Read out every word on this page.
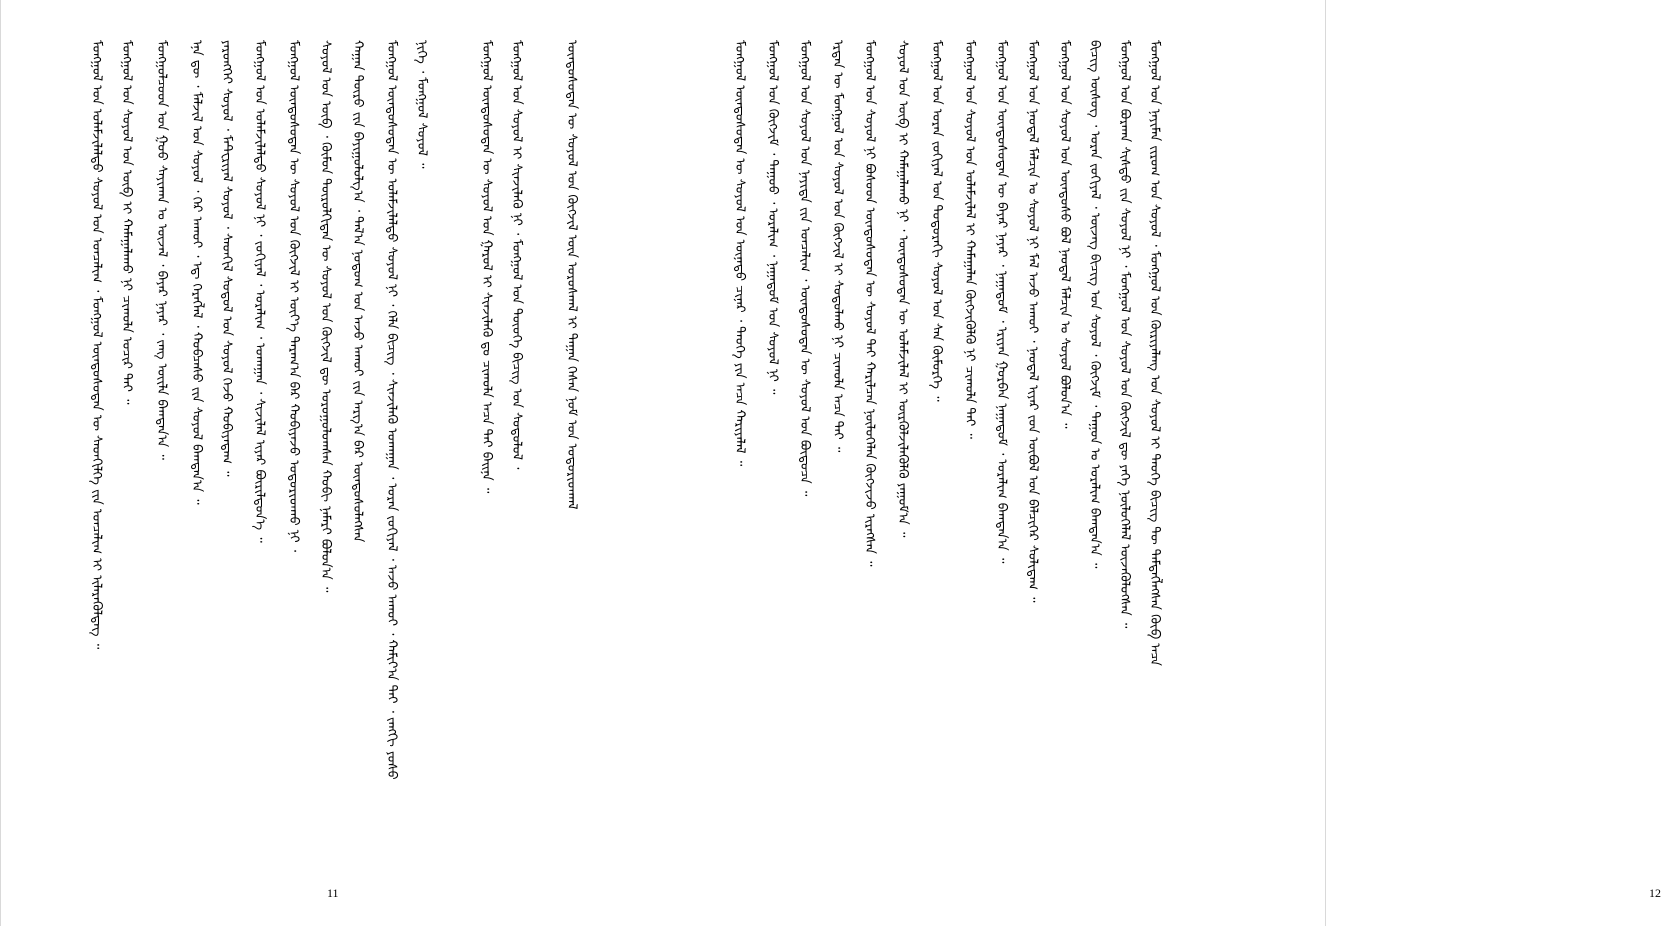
ᠮᠣᠩᠭᠣᠯ ᠤᠨ ᠤᠯᠠᠮᠵᠢᠯᠠᠯᠲᠤ ᠰᠤᠶᠤᠯ ᠤᠨ ᠣᠨᠴᠠᠯᠢᠭ ᠂ ᠮᠣᠩᠭᠣᠯ ᠦᠨᠳᠦᠰᠦᠲᠡᠨ ᠦ ᠰᠡᠳᠬᠢᠯᠭᠡ ᠵᠢᠨ ᠣᠨᠴᠠᠯᠢᠭ ᠢ ᠢᠯᠡᠷᠡᠭᠦᠯᠳᠡᠭ ᠃ ᠮᠣᠩᠭᠣᠯ ᠤᠨ ᠰᠤᠶᠤᠯ ᠤᠨ ᠥᠪ ᠢ ᠬᠠᠮᠠᠭᠠᠯᠠᠬᠤ ᠨᠢ ᠴᠢᠬᠤᠯᠠ ᠤᠴᠢᠷ ᠲᠠᠢ ᠃ ᠮᠣᠩᠭᠣᠯᠴᠤᠳ ᠤᠨ ᠭᠣᠣ ᠰᠠᠶᠢᠬᠠᠨ ᠤ ᠦᠵᠡᠯ ᠂ ᠪᠠᠶᠠᠷ ᠨᠠᠶᠠᠷ ᠂ ᠵᠠᠩ ᠦᠢᠯᠡ ᠪᠠᠭᠲᠠᠨ᠎ᠠ ᠃ ᠡᠨᠡ ᠳᠦ ᠂ ᠮᠠᠯᠵᠢᠯ ᠤᠨ ᠰᠤᠶᠤᠯ ᠂ ᠭᠡᠷ ᠠᠬᠤᠢ ᠂ ᠡᠳ᠋ ᠬᠡᠷᠡᠭᠯᠡᠯ ᠂ ᠬᠤᠪᠴᠠᠰᠤ ᠵᠢᠨ ᠰᠤᠶᠤᠯ ᠪᠠᠭᠲᠠᠨ᠎ᠠ ᠃ ᠶᠡᠷᠦᠩᠬᠡᠢ ᠰᠤᠶᠤᠯ ᠂ ᠮᠠᠲᠧᠷᠢᠶᠠᠯ ᠰᠤᠶᠤᠯ ᠂ ᠰᠡᠳᠬᠢᠯ ᠰᠣᠳᠤᠯ ᠤᠨ ᠰᠤᠶᠤᠯ ᠭᠡᠵᠦ ᠬᠤᠪᠢᠶᠠᠳᠠᠭ ᠃ ᠮᠣᠩᠭᠣᠯ ᠤᠨ ᠤᠯᠠᠮᠵᠢᠯᠠᠯᠲᠤ ᠰᠤᠶᠤᠯ ᠨᠢ ᠂ ᠵᠣᠬᠢᠶᠠᠯ ᠂ ᠤᠷᠠᠯᠢᠭ ᠂ ᠤᠬᠠᠭᠠᠨ ᠂ ᠰᠢᠵᠢᠯᠡᠯ ᠢᠶᠡᠷ ᠪᠦᠷᠢᠯᠳᠦᠨ᠎ᠡ ᠃ ᠮᠣᠩᠭᠣᠯ ᠦᠨᠳᠦᠰᠦᠲᠡᠨ ᠦ ᠰᠤᠶᠤᠯ ᠤᠨ ᠬᠥᠭᠵᠢᠯ ᠢ ᠦᠶ᠎ᠡ ᠳᠠᠷᠠᠭ᠎ᠠ ᠪᠠᠷ ᠬᠤᠪᠢᠶᠠᠵᠤ ᠤᠳᠤᠷᠢᠳᠬᠤ ᠨᠢ ᠂ ᠰᠤᠶᠤᠯ ᠤᠨ ᠥᠪ ᠂ ᠬᠦᠮᠦᠨ ᠲᠥᠷᠥᠯᠬᠢᠲᠡᠨ ᠦ ᠰᠤᠶᠤᠯ ᠤᠨ ᠬᠥᠭᠵᠢᠯ ᠳᠦ ᠣᠷᠤᠭᠤᠯᠤᠭᠰᠠᠨ ᠬᠤᠪᠢ ᠨᠡᠮᠡᠷᠢ ᠪᠣᠯᠤᠨ᠎ᠠ ᠃ ᠬᠠᠭᠠᠨ ᠲᠥᠷᠦ ᠵᠢᠨ ᠪᠠᠶᠢᠭᠤᠯᠤᠯᠭ᠎ᠠ ᠂ ᠲᠠᠯ᠎ᠠ ᠨᠤᠲᠤᠭ ᠤᠨ ᠠᠵᠤ ᠠᠬᠤᠢ ᠵᠢᠨ ᠠᠷᠭ᠎ᠠ ᠪᠠᠷ ᠦᠨᠳᠦᠰᠦᠯᠡᠭᠰᠡᠨ ᠮᠣᠩᠭᠣᠯ ᠦᠨᠳᠦᠰᠦᠲᠡᠨ ᠦ ᠤᠯᠠᠮᠵᠢᠯᠠᠯᠲᠤ ᠰᠤᠶᠤᠯ ᠨᠢ ᠂ ᠬᠡᠯᠡ ᠪᠢᠴᠢᠭ ᠂ ᠰᠢᠨᠵᠢᠯᠡᠬᠦ ᠤᠬᠠᠭᠠᠨ ᠂ ᠤᠷᠠᠨ ᠵᠣᠬᠢᠶᠠᠯ ᠂ ᠠᠵᠤ ᠠᠬᠤᠢ ᠂ ᠬᠠᠮᠢᠶ᠎ᠠ ᠲᠠᠢ ᠂ ᠵᠠᠩᠭᠢ ᠶᠣᠰᠤ ᠨᠢᠭᠡ ᠂ ᠮᠣᠩᠭᠣᠯ ᠰᠤᠶᠤᠯ ᠃	ᠮᠣᠩᠭᠣᠯ ᠦᠨᠳᠦᠰᠦᠲᠡᠨ ᠦ ᠰᠤᠶᠤᠯ ᠤᠨ ᠭᠠᠷᠤᠯ ᠢ ᠰᠢᠨᠵᠢᠯᠡᠬᠦ ᠳᠤ ᠴᠢᠬᠤᠯᠠ ᠠᠴᠠ ᠲᠠᠢ ᠪᠠᠢᠨᠠ ᠃ ᠮᠣᠩᠭᠣᠯ ᠤᠨ ᠰᠤᠶᠤᠯ ᠢ ᠰᠢᠨᠵᠢᠯᠡᠬᠦ ᠨᠢ ᠂ ᠮᠣᠩᠭᠣᠯ ᠤᠨ ᠲᠦᠤᠬᠡ ᠪᠢᠴᠢᠭ ᠤᠨ ᠰᠤᠳᠤᠯᠤᠯ ᠂	ᠦᠨᠳᠦᠰᠦᠲᠡᠨ ᠦ ᠰᠤᠶᠤᠯ ᠤᠨ ᠬᠥᠭᠵᠢᠯ ᠦᠨ ᠤᠷᠤᠰᠬᠠᠯ ᠢ ᠳᠠᠭᠠᠨ ᠭᠡᠰᠡᠨ ᠨᠣᠮ ᠤᠨ ᠤᠳᠤᠷᠢᠳᠬᠠᠯ
11
ᠮᠣᠩᠭᠣᠯ ᠦᠨᠳᠦᠰᠦᠲᠡᠨ ᠦ ᠰᠤᠶᠤᠯ ᠤᠨ ᠦᠨᠡᠲᠦ ᠴᠢᠨᠠᠷ ᠂ ᠲᠡᠦᠬᠡ ᠶᠢᠨ ᠠᠴᠠ ᠬᠠᠷᠢᠶᠠᠯᠠᠯ ᠃ ᠮᠣᠩᠭᠣᠯ ᠤᠨ ᠬᠥᠭᠵᠢᠮ ᠂ ᠳᠠᠭᠤᠤ ᠂ ᠤᠷᠠᠯᠢᠭ ᠂ ᠨᠠᠭᠠᠳᠤᠮ ᠤᠨ ᠰᠤᠶᠤᠯ ᠨᠢ ᠃ ᠮᠣᠩᠭᠣᠯ ᠤᠨ ᠰᠤᠶᠤᠯ ᠤᠨ ᠨᠡᠶᠢᠲᠡ ᠵᠢᠨ ᠣᠨᠴᠠᠯᠢᠭ ᠂ ᠦᠨᠳᠦᠰᠦᠲᠡᠨ ᠦ ᠰᠤᠶᠤᠯ ᠤᠨ ᠪᠦᠲᠦᠴᠡ ᠃ ᠡᠷᠲᠡᠨ ᠦ ᠮᠣᠩᠭᠣᠯ ᠤᠨ ᠰᠤᠶᠤᠯ ᠤᠨ ᠬᠥᠭᠵᠢᠯ ᠢ ᠰᠤᠳᠤᠯᠬᠤ ᠨᠢ ᠴᠢᠬᠤᠯᠠ ᠠᠴᠠ ᠲᠠᠢ ᠃ ᠮᠣᠩᠭᠣᠯ ᠤᠨ ᠰᠤᠶᠤᠯ ᠨᠢ ᠪᠤᠰᠤᠳ ᠦᠨᠳᠦᠰᠦᠲᠡᠨ ᠦ ᠰᠤᠶᠤᠯ ᠲᠠᠢ ᠬᠠᠷᠢᠯᠴᠠᠨ ᠨᠥᠯᠦᠭᠡᠯᠡᠨ ᠬᠥᠭᠵᠢᠵᠦ ᠢᠷᠡᠭᠰᠡᠨ ᠃ ᠰᠤᠶᠤᠯ ᠤᠨ ᠥᠪ ᠢ ᠬᠠᠮᠠᠭᠠᠯᠠᠬᠤ ᠨᠢ ᠂ ᠦᠨᠳᠦᠰᠦᠲᠡᠨ ᠦ ᠤᠯᠠᠮᠵᠢᠯᠠᠯ ᠢ ᠦᠷᠭᠦᠯᠵᠢᠯᠡᠭᠦᠯᠬᠦ ᠶᠠᠭᠤᠮ᠎ᠠ ᠃ ᠮᠣᠩᠭᠣᠯ ᠤᠨ ᠤᠷᠠᠨ ᠵᠣᠬᠢᠶᠠᠯ ᠤᠨ ᠳᠣᠲᠣᠷᠠᠬᠢ ᠰᠤᠶᠤᠯ ᠤᠨ ᠰᠠᠨ ᠬᠥᠮᠥᠷᠭᠡ ᠃ ᠮᠣᠩᠭᠣᠯ ᠤᠨ ᠰᠤᠶᠤᠯ ᠤᠨ ᠤᠯᠠᠮᠵᠢᠯᠠᠯ ᠢ ᠬᠠᠮᠠᠭᠠᠯᠠᠨ ᠬᠥᠭᠵᠢᠭᠦᠯᠬᠦ ᠨᠢ ᠴᠢᠬᠤᠯᠠ ᠲᠠᠢ ᠃ ᠮᠣᠩᠭᠣᠯ ᠤᠨ ᠦᠨᠳᠦᠰᠦᠲᠡᠨ ᠦ ᠪᠠᠶᠠᠷ ᠨᠠᠶᠠᠷ ᠂ ᠨᠠᠭᠠᠳᠤᠮ ᠂ ᠡᠷᠢᠶᠡᠨ ᠭᠤᠷᠪᠠᠨ ᠨᠠᠭᠠᠳᠤᠮ ᠂ ᠤᠷᠠᠯᠢᠭ ᠪᠠᠭᠲᠠᠨ᠎ᠠ ᠃ ᠮᠣᠩᠭᠣᠯ ᠤᠨ ᠨᠡᠦᠳᠡᠯ ᠮᠠᠯᠴᠢᠨ ᠤ ᠰᠤᠶᠤᠯ ᠨᠢ ᠮᠠᠯ ᠠᠵᠤ ᠠᠬᠤᠢ ᠂ ᠨᠡᠦᠳᠡᠯ ᠢᠶᠡᠷ ᠵᠤᠨ ᠥᠪᠥᠯ ᠤᠨ ᠪᠡᠯᠴᠢᠭᠡᠷ ᠰᠣᠯᠢᠳᠠᠭ ᠃ ᠮᠣᠩᠭᠣᠯ ᠤᠨ ᠰᠤᠶᠤᠯ ᠤᠨ ᠦᠨᠳᠦᠰᠦ ᠪᠣᠯ ᠨᠡᠦᠳᠡᠯ ᠮᠠᠯᠴᠢᠨ ᠤ ᠰᠤᠶᠤᠯ ᠪᠣᠯᠤᠨ᠎ᠠ ᠃ ᠪᠢᠴᠢᠭ ᠦᠰᠦᠭ ᠂ ᠤᠷᠠᠨ ᠵᠣᠬᠢᠶᠠᠯ ᠂ ᠦᠵᠡᠭ ᠪᠢᠴᠢᠭ ᠤᠨ ᠰᠤᠶᠤᠯ ᠂ ᠬᠥᠭᠵᠢᠮ ᠂ ᠳᠠᠭᠤᠨ ᠤ ᠤᠷᠠᠯᠢᠭ ᠪᠠᠭᠲᠠᠨ᠎ᠠ ᠃ ᠮᠣᠩᠭᠣᠯ ᠤᠨ ᠪᠤᠷᠬᠠᠨ ᠰᠢᠰᠲᠦ ᠵᠢᠨ ᠰᠤᠶᠤᠯ ᠨᠢ ᠂ ᠮᠣᠩᠭᠣᠯ ᠤᠨ ᠰᠤᠶᠤᠯ ᠤᠨ ᠬᠥᠭᠵᠢᠯ ᠳᠦ ᠶᠡᠬᠡ ᠨᠥᠯᠦᠭᠡᠯᠡᠯ ᠦᠵᠡᠭᠦᠯᠦᠭᠰᠡᠨ ᠃ ᠮᠣᠩᠭᠣᠯ ᠤᠨ ᠨᠠᠶᠢᠮᠠᠨ ᠵᠢᠷᠤᠭ ᠤᠨ ᠰᠤᠶᠤᠯ ᠂ ᠮᠣᠩᠭᠣᠯ ᠤᠨ ᠬᠦᠷᠢᠶᠡᠯᠡᠩ ᠤᠨ ᠰᠤᠶᠤᠯ ᠢ ᠲᠡᠦᠬᠡ ᠪᠢᠴᠢᠭ ᠲᠦ ᠲᠡᠮᠳᠡᠭᠯᠡᠭᠰᠡᠨ ᠬᠦᠪ ᠠᠴᠠ
12
